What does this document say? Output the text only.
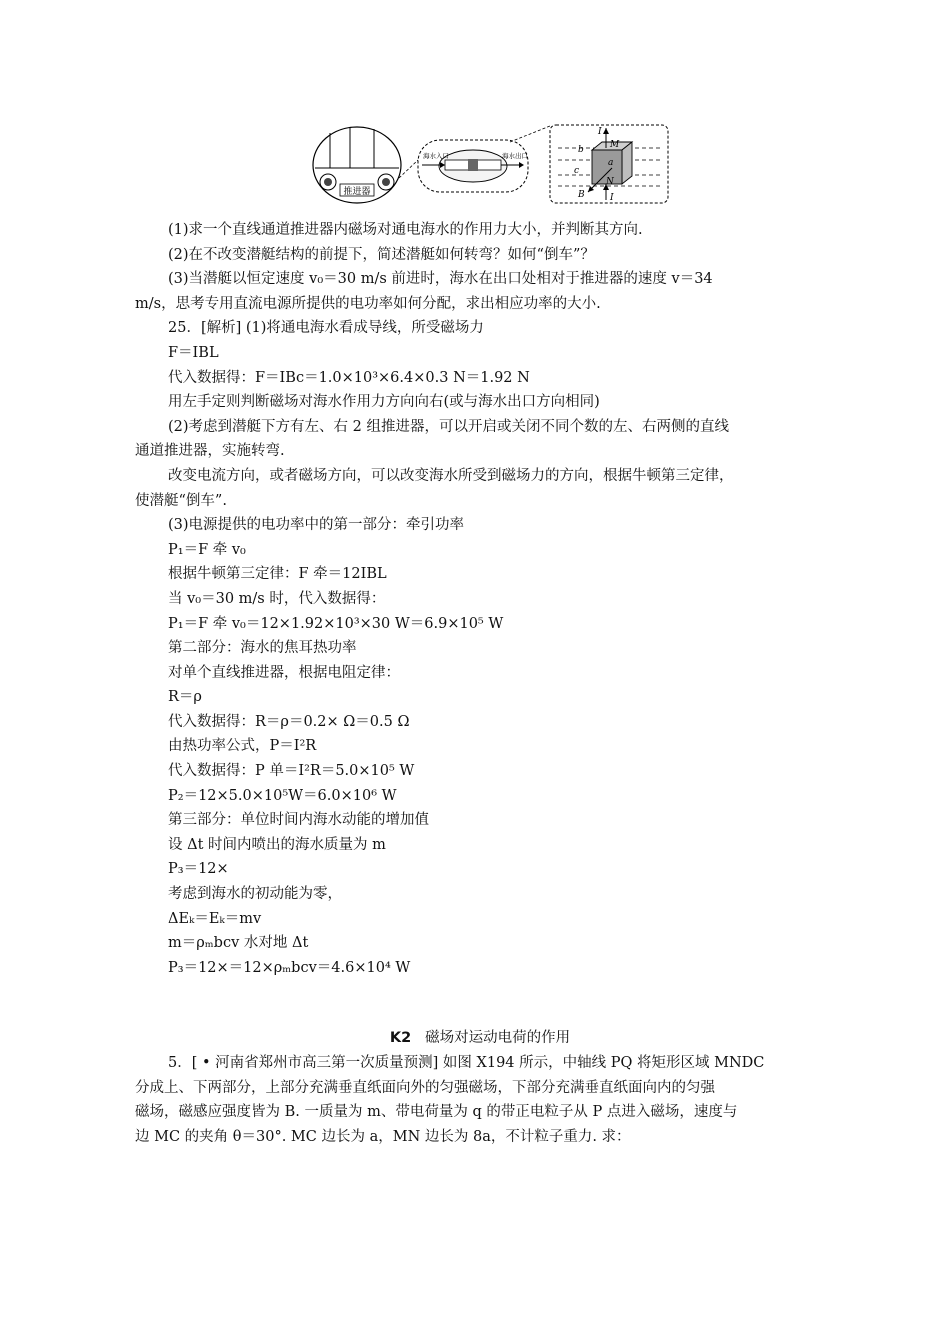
推进器
海水入口	海水出口
I
I
M
N
a
b
c
B
(1)求一个直线通道推进器内磁场对通电海水的作用力大小，并判断其方向.
(2)在不改变潜艇结构的前提下，简述潜艇如何转弯？如何“倒车”？
(3)当潜艇以恒定速度 v₀＝30 m/s 前进时，海水在出口处相对于推进器的速度 v＝34
m/s，思考专用直流电源所提供的电功率如何分配，求出相应功率的大小.
25．[解析] (1)将通电海水看成导线，所受磁场力
F＝IBL
代入数据得：F＝IBc＝1.0×10³×6.4×0.3 N＝1.92 N
用左手定则判断磁场对海水作用力方向向右(或与海水出口方向相同)
(2)考虑到潜艇下方有左、右 2 组推进器，可以开启或关闭不同个数的左、右两侧的直线
通道推进器，实施转弯.
改变电流方向，或者磁场方向，可以改变海水所受到磁场力的方向，根据牛顿第三定律，
使潜艇“倒车”.
(3)电源提供的电功率中的第一部分：牵引功率
P₁＝F 牵 v₀
根据牛顿第三定律：F 牵＝12IBL
当 v₀＝30 m/s 时，代入数据得：
P₁＝F 牵 v₀＝12×1.92×10³×30 W＝6.9×10⁵ W
第二部分：海水的焦耳热功率
对单个直线推进器，根据电阻定律：
R＝ρ
代入数据得：R＝ρ＝0.2× Ω＝0.5 Ω
由热功率公式，P＝I²R
代入数据得：P 单＝I²R＝5.0×10⁵ W
P₂＝12×5.0×10⁵W＝6.0×10⁶ W
第三部分：单位时间内海水动能的增加值
设 Δt 时间内喷出的海水质量为 m
P₃＝12×
考虑到海水的初动能为零，
ΔEₖ＝Eₖ＝mv
m＝ρₘbcv 水对地 Δt
P₃＝12×＝12×ρₘbcv＝4.6×10⁴ W
K2 磁场对运动电荷的作用
5．[ • 河南省郑州市高三第一次质量预测] 如图 X194 所示，中轴线 PQ 将矩形区域 MNDC
分成上、下两部分，上部分充满垂直纸面向外的匀强磁场，下部分充满垂直纸面向内的匀强
磁场，磁感应强度皆为 B. 一质量为 m、带电荷量为 q 的带正电粒子从 P 点进入磁场，速度与
边 MC 的夹角 θ＝30°. MC 边长为 a，MN 边长为 8a，不计粒子重力. 求：
